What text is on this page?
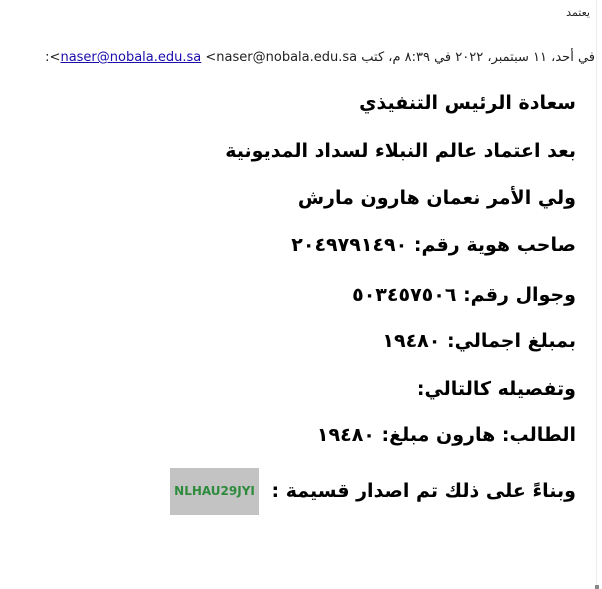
يعتمد
في أحد، ١١ سبتمبر، ٢٠٢٢ في ٨:٣٩ م، كتب naser@nobala.edu.sa <naser@nobala.edu.sa>:
سعادة الرئيس التنفيذي
بعد اعتماد عالم النبلاء لسداد المديونية
ولي الأمر نعمان هارون مارش
صاحب هوية رقم: ٢٠٤٩٧٩١٤٩٠
وجوال رقم: ٥٠٣٤٥٧٥٠٦
بمبلغ اجمالي: ١٩٤٨٠
وتفصيله كالتالي:
الطالب: هارون مبلغ: ١٩٤٨٠
وبناءً على ذلك تم اصدار قسيمة : NLHAU29JYI
